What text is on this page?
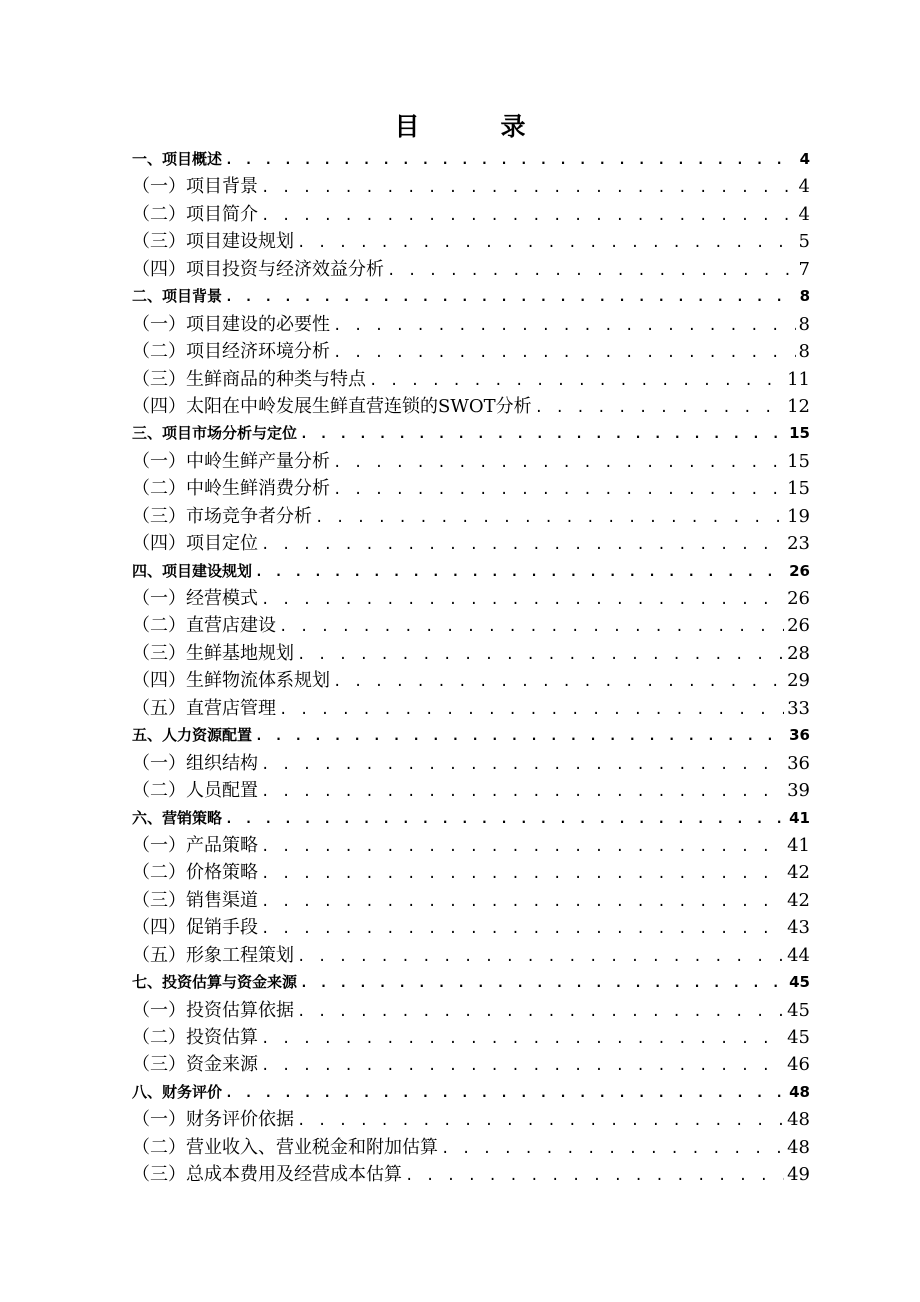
目　录
一、项目概述 . . .	4
（一）项目背景 . . .	4
（二）项目简介 . . .	4
（三）项目建设规划 . . .	5
（四）项目投资与经济效益分析 . . .	7
二、项目背景 . . .	8
（一）项目建设的必要性 . . .	8
（二）项目经济环境分析 . . .	8
（三）生鲜商品的种类与特点 . . .	11
（四）太阳在中岭发展生鲜直营连锁的SWOT分析 . . .	12
三、项目市场分析与定位 . . .	15
（一）中岭生鲜产量分析 . . .	15
（二）中岭生鲜消费分析 . . .	15
（三）市场竞争者分析 . . .	19
（四）项目定位 . . .	23
四、项目建设规划 . . .	26
（一）经营模式 . . .	26
（二）直营店建设 . . .	26
（三）生鲜基地规划 . . .	28
（四）生鲜物流体系规划 . . .	29
（五）直营店管理 . . .	33
五、人力资源配置 . . .	36
（一）组织结构 . . .	36
（二）人员配置 . . .	39
六、营销策略 . . .	41
（一）产品策略 . . .	41
（二）价格策略 . . .	42
（三）销售渠道 . . .	42
（四）促销手段 . . .	43
（五）形象工程策划 . . .	44
七、投资估算与资金来源 . . .	45
（一）投资估算依据 . . .	45
（二）投资估算 . . .	45
（三）资金来源 . . .	46
八、财务评价 . . .	48
（一）财务评价依据 . . .	48
（二）营业收入、营业税金和附加估算 . . .	48
（三）总成本费用及经营成本估算 . . .	49
